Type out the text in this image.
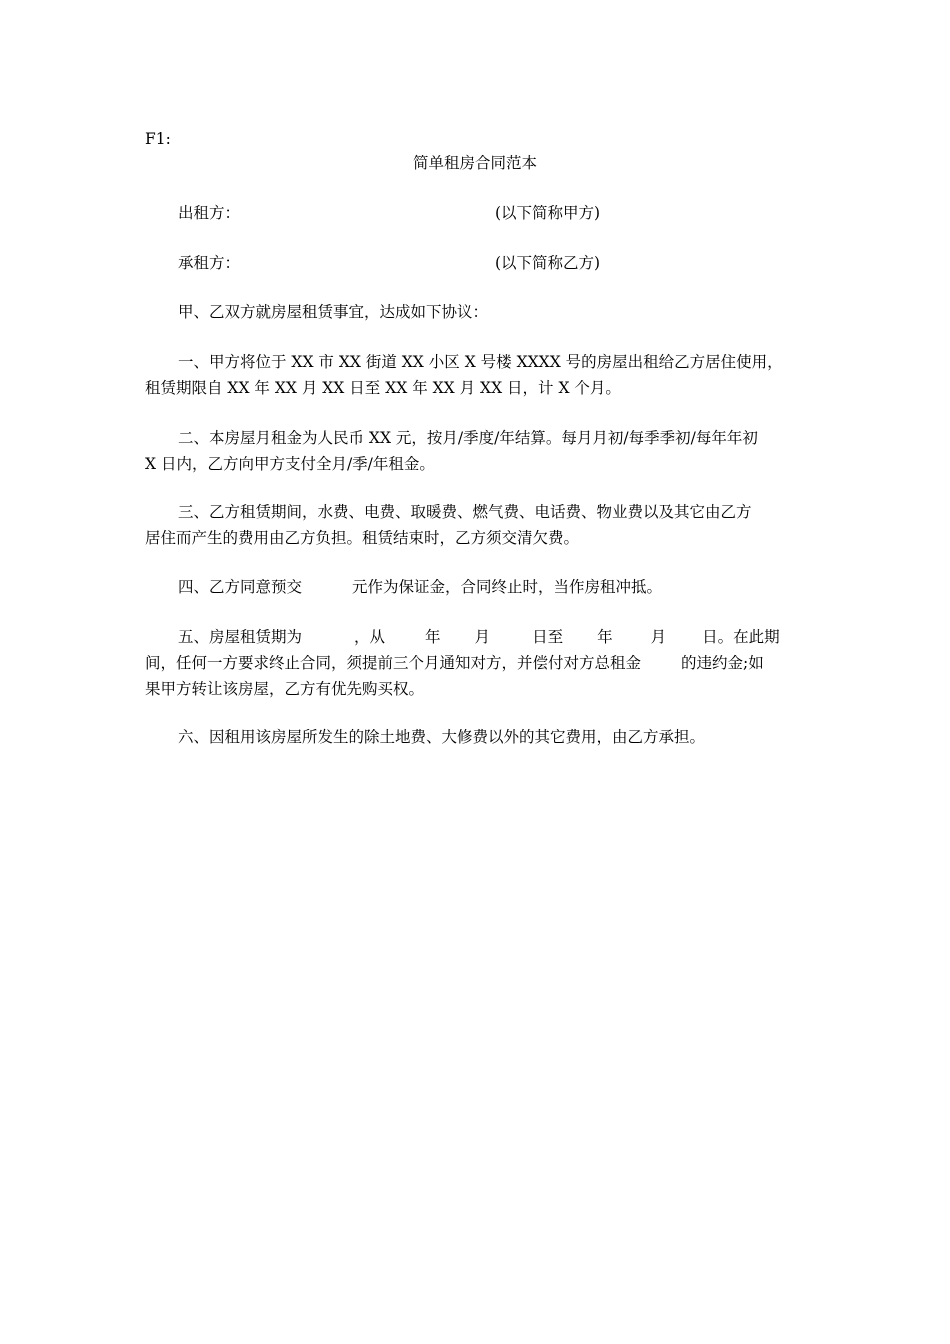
F1:
简单租房合同范本
出租方：	(以下简称甲方)
承租方：	(以下简称乙方)
甲、乙双方就房屋租赁事宜，达成如下协议：
一、甲方将位于 XX 市 XX 街道 XX 小区 X 号楼 XXXX 号的房屋出租给乙方居住使用，
租赁期限自 XX 年 XX 月 XX 日至 XX 年 XX 月 XX 日，计 X 个月。
二、本房屋月租金为人民币 XX 元，按月/季度/年结算。每月月初/每季季初/每年年初
X 日内，乙方向甲方支付全月/季/年租金。
三、乙方租赁期间，水费、电费、取暖费、燃气费、电话费、物业费以及其它由乙方
居住而产生的费用由乙方负担。租赁结束时，乙方须交清欠费。
四、乙方同意预交	元作为保证金，合同终止时，当作房租冲抵。
五、房屋租赁期为	，从	年 月	日至 年 月 日。在此期
间，任何一方要求终止合同，须提前三个月通知对方，并偿付对方总租金	的违约金;如
果甲方转让该房屋，乙方有优先购买权。
六、因租用该房屋所发生的除土地费、大修费以外的其它费用，由乙方承担。
